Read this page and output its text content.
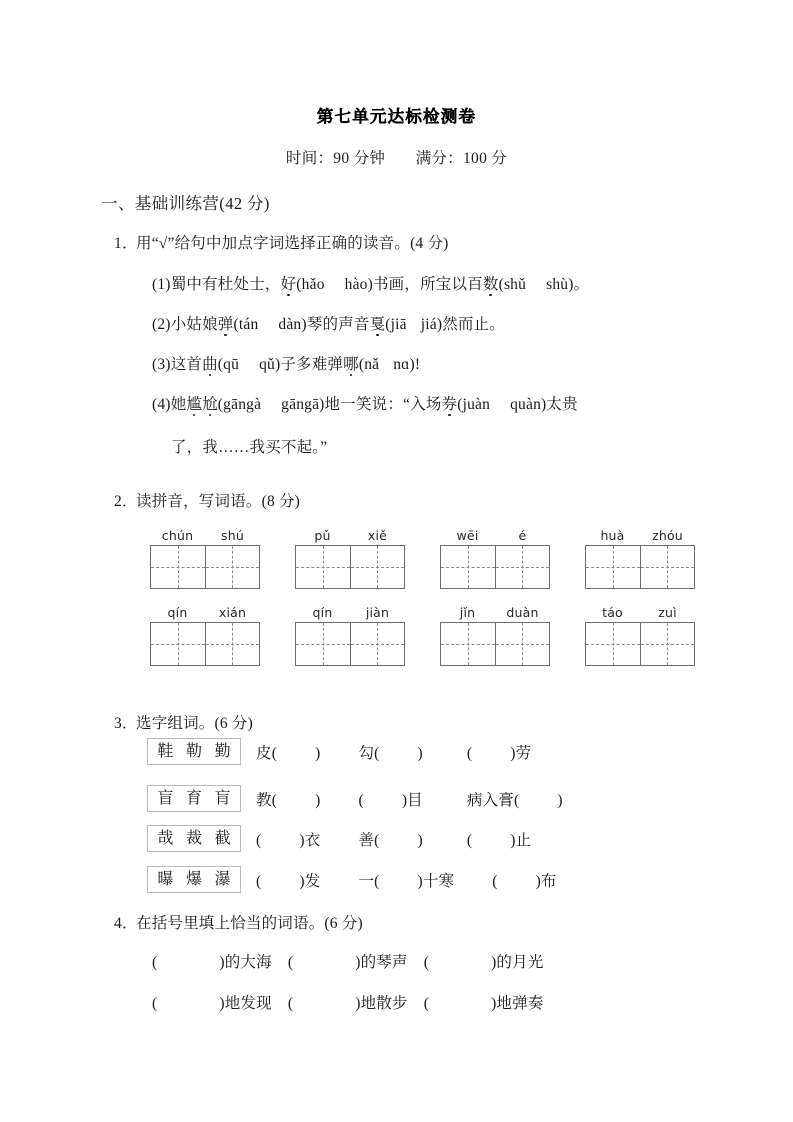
第七单元达标检测卷
时间：90 分钟 满分：100 分
一、基础训练营(42 分)
1．用“√”给句中加点字词选择正确的读音。(4 分)
(1)蜀中有杜处士，好(hǎo hào)书画，所宝以百数(shǔ shù)。
(2)小姑娘弹(tán dàn)琴的声音戛(jiā jiá)然而止。
(3)这首曲(qū qǔ)子多难弹哪(nǎ nɑ)!
(4)她尴尬(gāngà gāngā)地一笑说：“入场券(juàn quàn)太贵
了，我……我买不起。”
2．读拼音，写词语。(8 分)
chún	shú	pǔ	xiě	wēi	é	huà	zhóu
qín	xián	qín	jiàn	jǐn	duàn	táo	zuì
3．选字组词。(6 分)
鞋 勒 勤 皮( ) 勾( )	( )劳
盲 育 肓 教( ) ( )目	病入膏( )
哉 裁 截 ( )衣 善( )	( )止
曝 爆 瀑 ( )发 一( )十寒 ( )布
4．在括号里填上恰当的词语。(6 分)
(	)的大海 (	)的琴声 (	)的月光
(	)地发现 (	)地散步 (	)地弹奏
